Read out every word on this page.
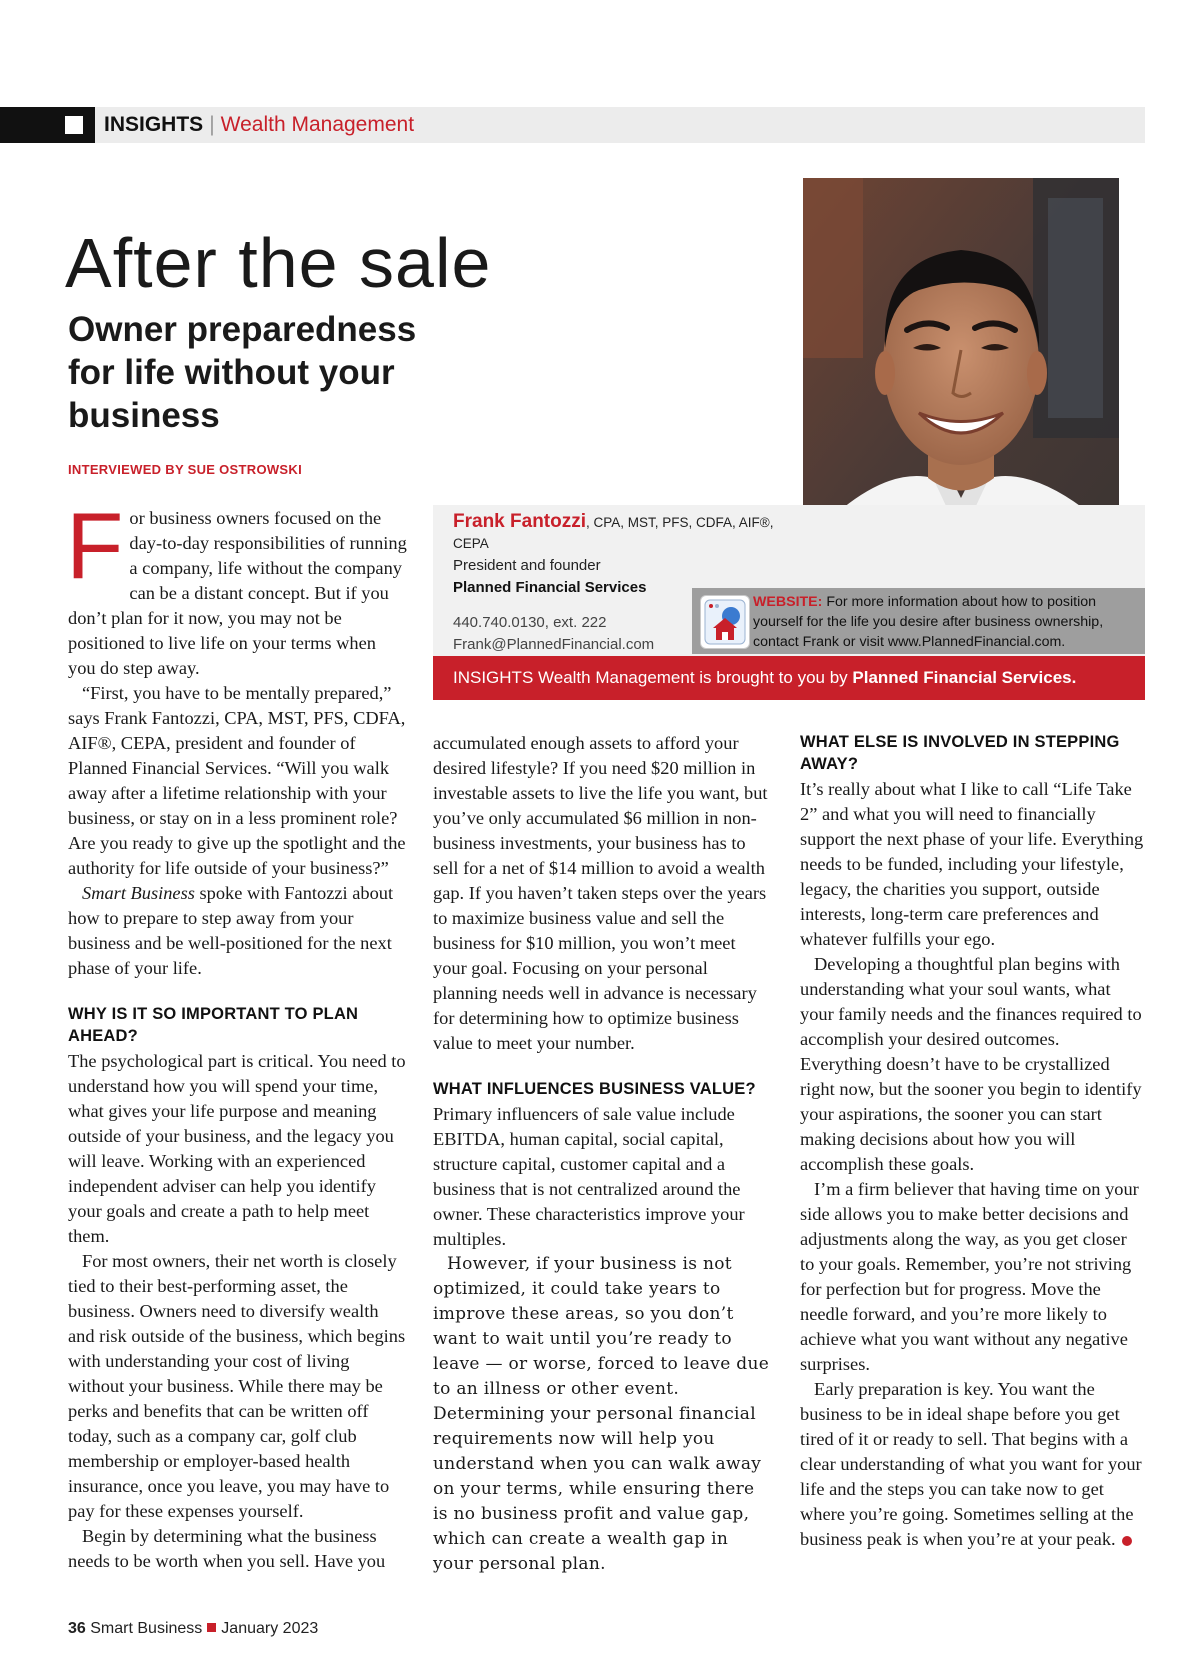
INSIGHTS | Wealth Management
After the sale
Owner preparedness for life without your business
INTERVIEWED BY SUE OSTROWSKI
Frank Fantozzi, CPA, MST, PFS, CDFA, AIF®, CEPA
President and founder
Planned Financial Services
440.740.0130, ext. 222
Frank@PlannedFinancial.com
WEBSITE: For more information about how to position yourself for the life you desire after business ownership, contact Frank or visit www.PlannedFinancial.com.
INSIGHTS Wealth Management is brought to you by Planned Financial Services.

For business owners focused on the day-to-day responsibilities of running a company, life without the company can be a distant concept. But if you don’t plan for it now, you may not be positioned to live life on your terms when you do step away.

“First, you have to be mentally prepared,” says Frank Fantozzi, CPA, MST, PFS, CDFA, AIF®, CEPA, president and founder of Planned Financial Services. “Will you walk away after a lifetime relationship with your business, or stay on in a less prominent role? Are you ready to give up the spotlight and the authority for life outside of your business?”

Smart Business spoke with Fantozzi about how to prepare to step away from your business and be well-positioned for the next phase of your life.

WHY IS IT SO IMPORTANT TO PLAN AHEAD?

The psychological part is critical. You need to understand how you will spend your time, what gives your life purpose and meaning outside of your business, and the legacy you will leave. Working with an experienced independent adviser can help you identify your goals and create a path to help meet them.

For most owners, their net worth is closely tied to their best-performing asset, the business. Owners need to diversify wealth and risk outside of the business, which begins with understanding your cost of living without your business. While there may be perks and benefits that can be written off today, such as a company car, golf club membership or employer-based health insurance, once you leave, you may have to pay for these expenses yourself.

Begin by determining what the business needs to be worth when you sell. Have you

accumulated enough assets to afford your desired lifestyle? If you need $20 million in investable assets to live the life you want, but you’ve only accumulated $6 million in non-business investments, your business has to sell for a net of $14 million to avoid a wealth gap. If you haven’t taken steps over the years to maximize business value and sell the business for $10 million, you won’t meet your goal. Focusing on your personal planning needs well in advance is necessary for determining how to optimize business value to meet your number.

WHAT INFLUENCES BUSINESS VALUE?

Primary influencers of sale value include EBITDA, human capital, social capital, structure capital, customer capital and a business that is not centralized around the owner. These characteristics improve your multiples.

However, if your business is not optimized, it could take years to improve these areas, so you don’t want to wait until you’re ready to leave — or worse, forced to leave due to an illness or other event. Determining your personal financial requirements now will help you understand when you can walk away on your terms, while ensuring there is no business profit and value gap, which can create a wealth gap in your personal plan.

WHAT ELSE IS INVOLVED IN STEPPING AWAY?

It’s really about what I like to call “Life Take 2” and what you will need to financially support the next phase of your life. Everything needs to be funded, including your lifestyle, legacy, the charities you support, outside interests, long-term care preferences and whatever fulfills your ego.

Developing a thoughtful plan begins with understanding what your soul wants, what your family needs and the finances required to accomplish your desired outcomes. Everything doesn’t have to be crystallized right now, but the sooner you begin to identify your aspirations, the sooner you can start making decisions about how you will accomplish these goals.

I’m a firm believer that having time on your side allows you to make better decisions and adjustments along the way, as you get closer to your goals. Remember, you’re not striving for perfection but for progress. Move the needle forward, and you’re more likely to achieve what you want without any negative surprises.

Early preparation is key. You want the business to be in ideal shape before you get tired of it or ready to sell. That begins with a clear understanding of what you want for your life and the steps you can take now to get where you’re going. Sometimes selling at the business peak is when you’re at your peak.

36 Smart Business January 2023
